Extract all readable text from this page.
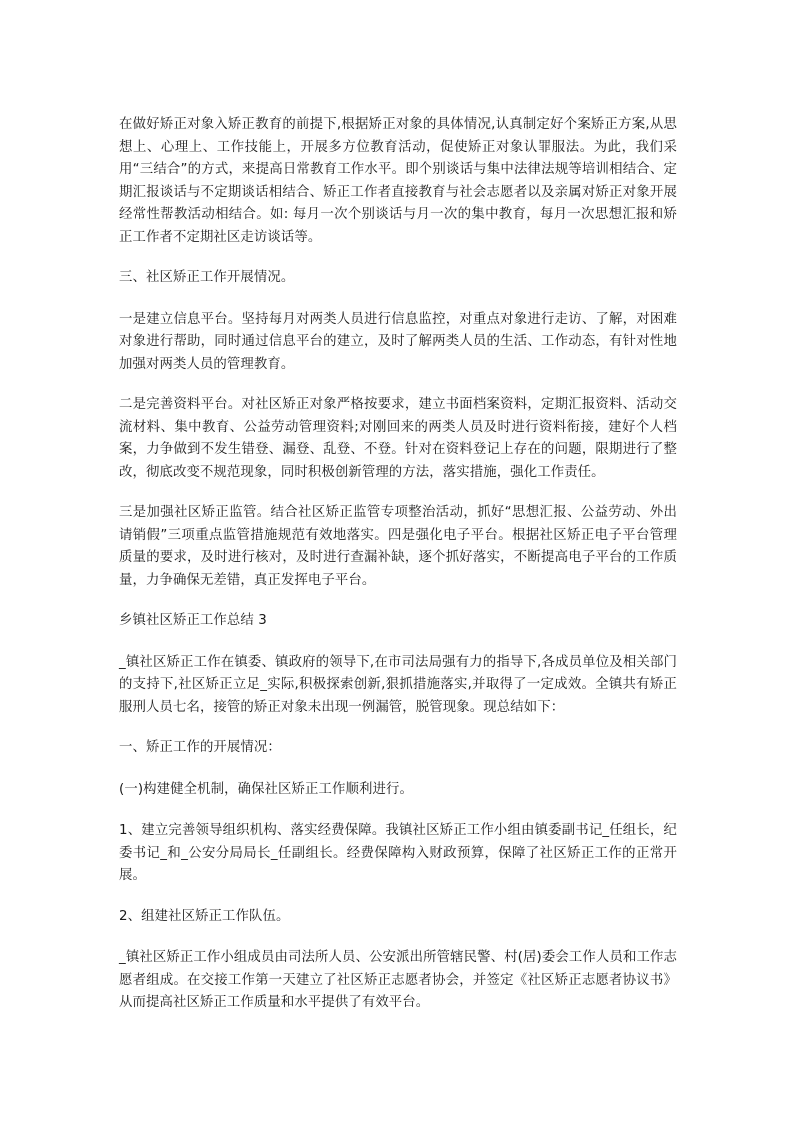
在做好矫正对象入矫正教育的前提下,根据矫正对象的具体情况,认真制定好个案矫正方案,从思想上、心理上、工作技能上，开展多方位教育活动，促使矫正对象认罪服法。为此，我们采用“三结合”的方式，来提高日常教育工作水平。即个别谈话与集中法律法规等培训相结合、定期汇报谈话与不定期谈话相结合、矫正工作者直接教育与社会志愿者以及亲属对矫正对象开展经常性帮教活动相结合。如: 每月一次个别谈话与月一次的集中教育，每月一次思想汇报和矫正工作者不定期社区走访谈话等。

三、社区矫正工作开展情况。

一是建立信息平台。坚持每月对两类人员进行信息监控，对重点对象进行走访、了解，对困难对象进行帮助，同时通过信息平台的建立，及时了解两类人员的生活、工作动态，有针对性地加强对两类人员的管理教育。

二是完善资料平台。对社区矫正对象严格按要求，建立书面档案资料，定期汇报资料、活动交流材料、集中教育、公益劳动管理资料;对刚回来的两类人员及时进行资料衔接，建好个人档案，力争做到不发生错登、漏登、乱登、不登。针对在资料登记上存在的问题，限期进行了整改，彻底改变不规范现象，同时积极创新管理的方法，落实措施，强化工作责任。

三是加强社区矫正监管。结合社区矫正监管专项整治活动，抓好“思想汇报、公益劳动、外出请销假”三项重点监管措施规范有效地落实。四是强化电子平台。根据社区矫正电子平台管理质量的要求，及时进行核对，及时进行查漏补缺，逐个抓好落实，不断提高电子平台的工作质量，力争确保无差错，真正发挥电子平台。

乡镇社区矫正工作总结 3

_镇社区矫正工作在镇委、镇政府的领导下,在市司法局强有力的指导下,各成员单位及相关部门的支持下,社区矫正立足_实际,积极探索创新,狠抓措施落实,并取得了一定成效。全镇共有矫正服刑人员七名，接管的矫正对象未出现一例漏管，脱管现象。现总结如下：

一、矫正工作的开展情况：

(一)构建健全机制，确保社区矫正工作顺利进行。

1、建立完善领导组织机构、落实经费保障。我镇社区矫正工作小组由镇委副书记_任组长，纪委书记_和_公安分局局长_任副组长。经费保障构入财政预算，保障了社区矫正工作的正常开展。

2、组建社区矫正工作队伍。

_镇社区矫正工作小组成员由司法所人员、公安派出所管辖民警、村(居)委会工作人员和工作志愿者组成。在交接工作第一天建立了社区矫正志愿者协会，并签定《社区矫正志愿者协议书》 从而提高社区矫正工作质量和水平提供了有效平台。
